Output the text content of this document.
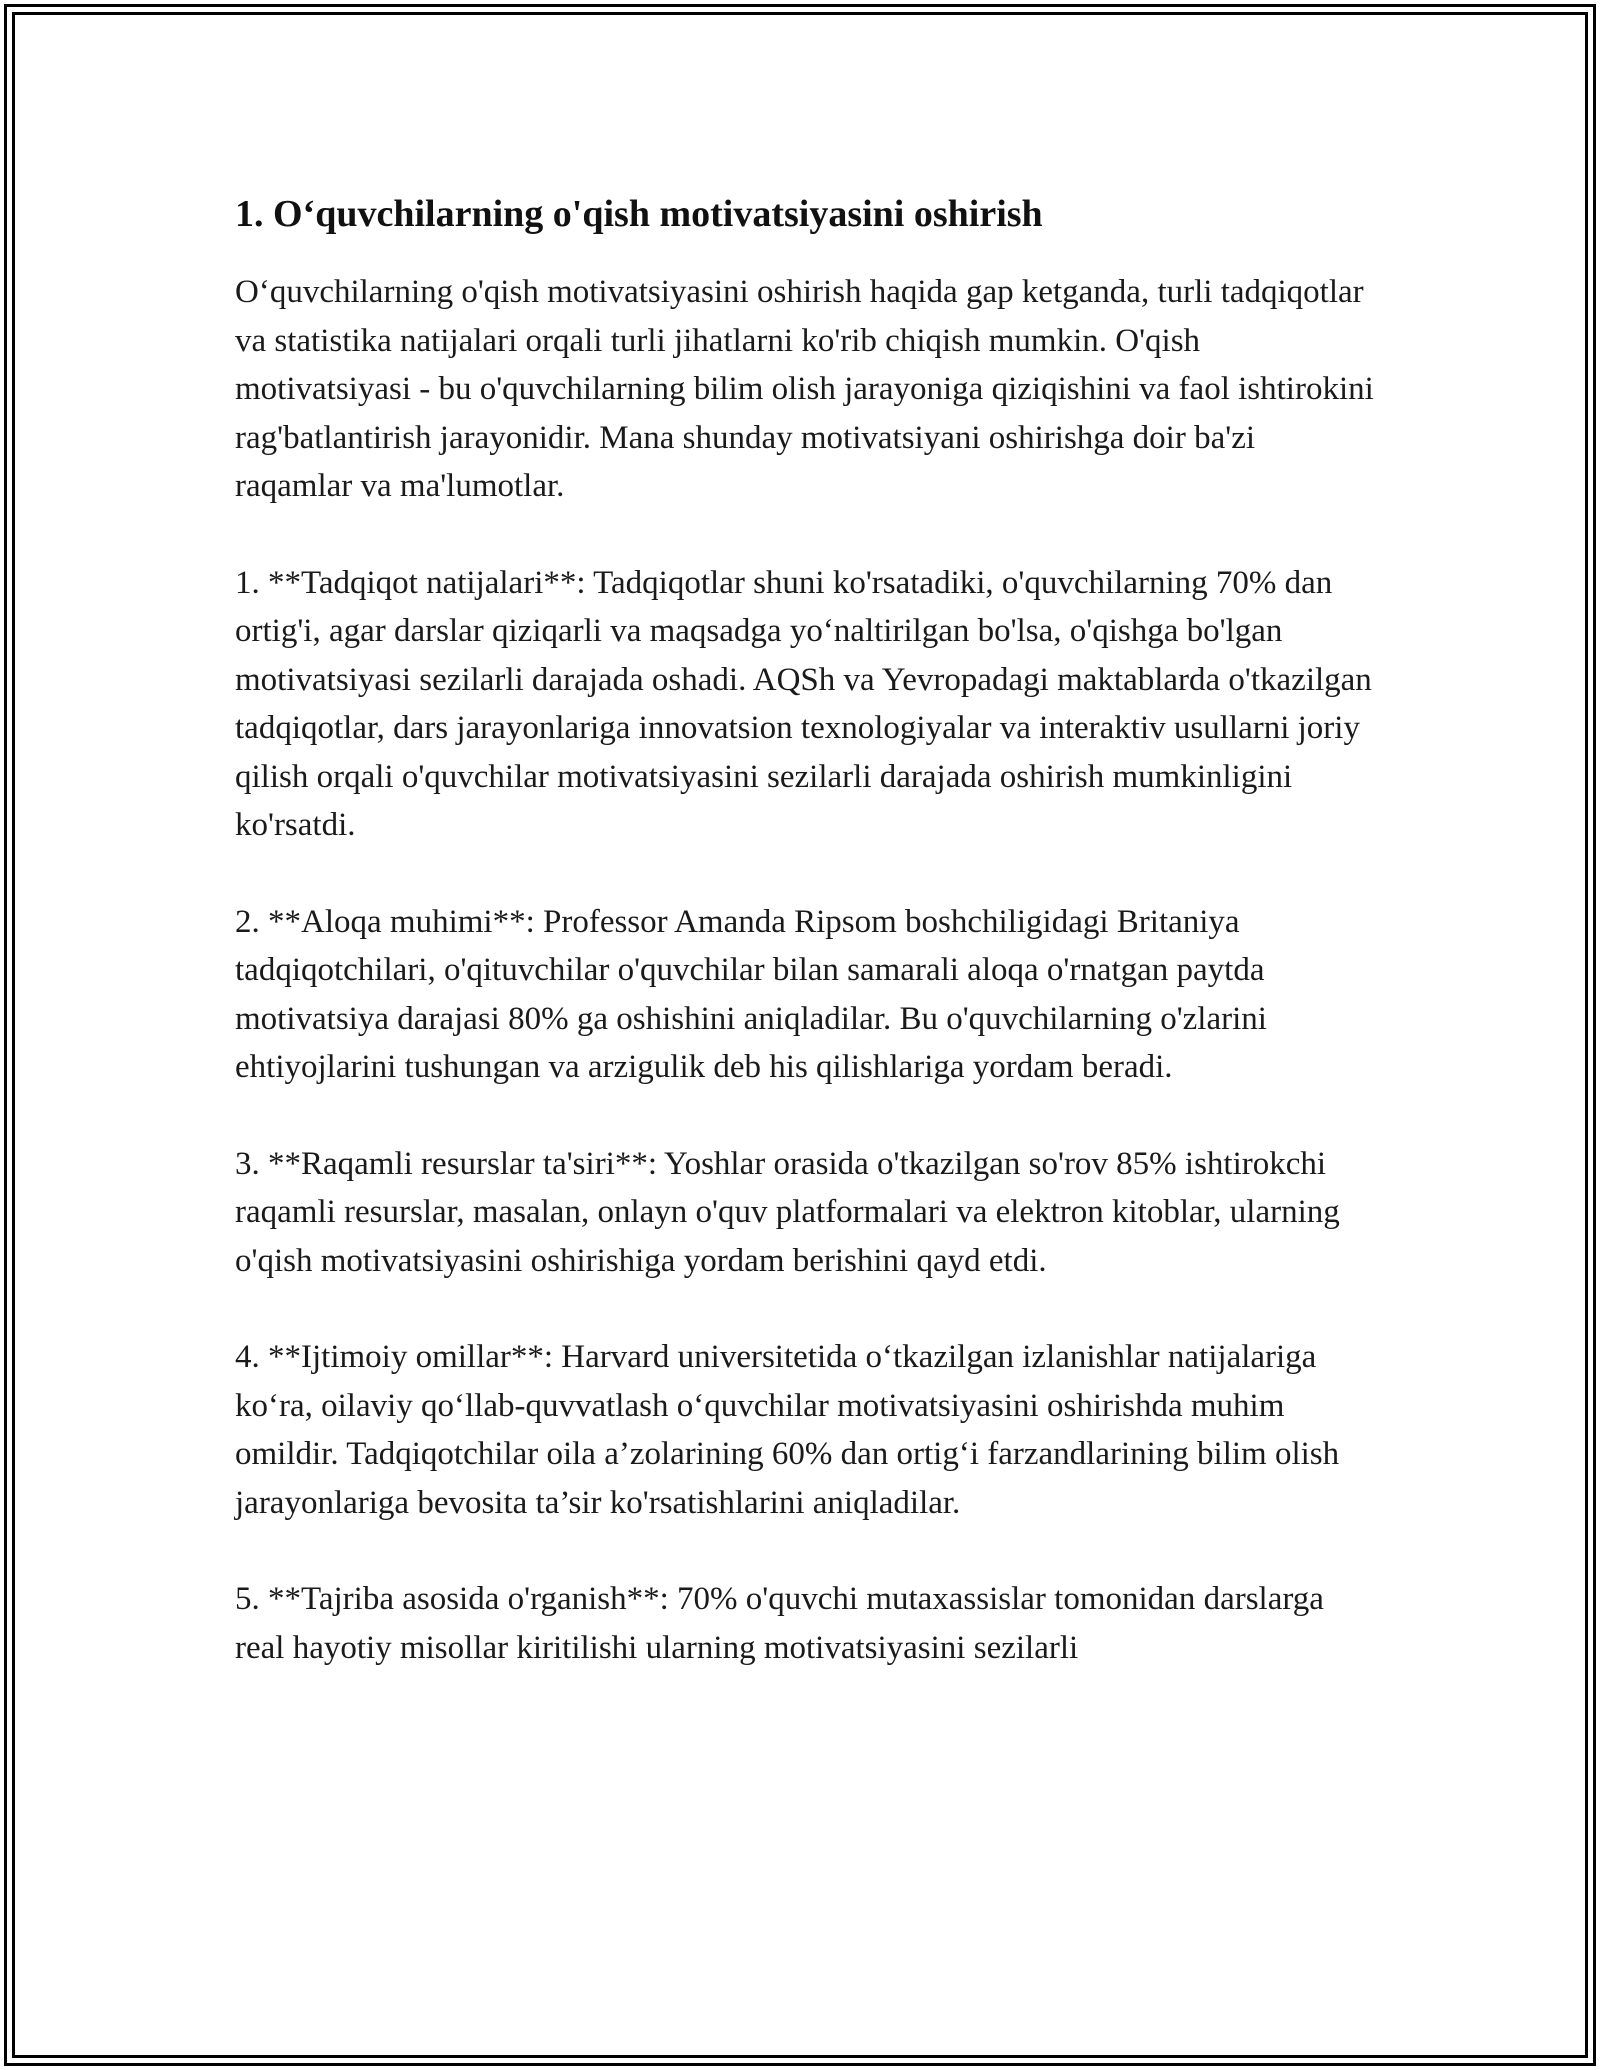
1. O‘quvchilarning o'qish motivatsiyasini oshirish

O‘quvchilarning o'qish motivatsiyasini oshirish haqida gap ketganda, turli tadqiqotlar va statistika natijalari orqali turli jihatlarni ko'rib chiqish mumkin. O'qish motivatsiyasi - bu o'quvchilarning bilim olish jarayoniga qiziqishini va faol ishtirokini rag'batlantirish jarayonidir. Mana shunday motivatsiyani oshirishga doir ba'zi raqamlar va ma'lumotlar.

1. **Tadqiqot natijalari**: Tadqiqotlar shuni ko'rsatadiki, o'quvchilarning 70% dan ortig'i, agar darslar qiziqarli va maqsadga yo‘naltirilgan bo'lsa, o'qishga bo'lgan motivatsiyasi sezilarli darajada oshadi. AQSh va Yevropadagi maktablarda o'tkazilgan tadqiqotlar, dars jarayonlariga innovatsion texnologiyalar va interaktiv usullarni joriy qilish orqali o'quvchilar motivatsiyasini sezilarli darajada oshirish mumkinligini ko'rsatdi.

2. **Aloqa muhimi**: Professor Amanda Ripsom boshchiligidagi Britaniya tadqiqotchilari, o'qituvchilar o'quvchilar bilan samarali aloqa o'rnatgan paytda motivatsiya darajasi 80% ga oshishini aniqladilar. Bu o'quvchilarning o'zlarini ehtiyojlarini tushungan va arzigulik deb his qilishlariga yordam beradi.

3. **Raqamli resurslar ta'siri**: Yoshlar orasida o'tkazilgan so'rov 85% ishtirokchi raqamli resurslar, masalan, onlayn o'quv platformalari va elektron kitoblar, ularning o'qish motivatsiyasini oshirishiga yordam berishini qayd etdi.

4. **Ijtimoiy omillar**: Harvard universitetida o‘tkazilgan izlanishlar natijalariga ko‘ra, oilaviy qo‘llab-quvvatlash o‘quvchilar motivatsiyasini oshirishda muhim omildir. Tadqiqotchilar oila a’zolarining 60% dan ortig‘i farzandlarining bilim olish jarayonlariga bevosita ta’sir ko'rsatishlarini aniqladilar.

5. **Tajriba asosida o'rganish**: 70% o'quvchi mutaxassislar tomonidan darslarga real hayotiy misollar kiritilishi ularning motivatsiyasini sezilarli
